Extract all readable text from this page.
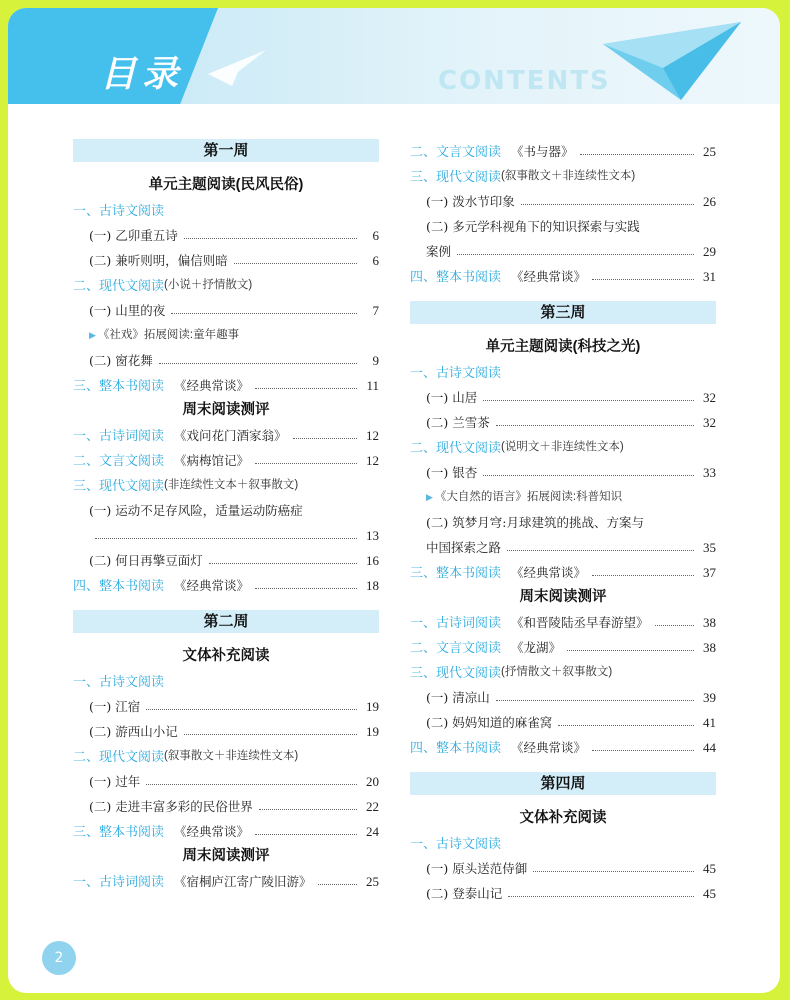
目录	CONTENTS
第一周
单元主题阅读(民风民俗)
一、古诗文阅读
(一) 乙卯重五诗	6
(二) 兼听则明，偏信则暗	6
二、现代文阅读 (小说＋抒情散文)
(一) 山里的夜	7
▶ 《社戏》拓展阅读:童年趣事
(二) 窗花舞	9
三、整本书阅读 《经典常谈》	11
周末阅读测评
一、古诗词阅读 《戏问花门酒家翁》	12
二、文言文阅读 《病梅馆记》	12
三、现代文阅读 (非连续性文本＋叙事散文)
(一) 运动不足存风险，适量运动防癌症
13
(二) 何日再擎豆面灯	16
四、整本书阅读 《经典常谈》	18
第二周
文体补充阅读
一、古诗文阅读
(一) 江宿	19
(二) 游西山小记	19
二、现代文阅读 (叙事散文＋非连续性文本)
(一) 过年	20
(二) 走进丰富多彩的民俗世界	22
三、整本书阅读 《经典常谈》	24
周末阅读测评
一、古诗词阅读 《宿桐庐江寄广陵旧游》	25
二、文言文阅读 《书与器》	25
三、现代文阅读 (叙事散文＋非连续性文本)
(一) 泼水节印象	26
(二) 多元学科视角下的知识探索与实践
案例	29
四、整本书阅读 《经典常谈》	31
第三周
单元主题阅读(科技之光)
一、古诗文阅读
(一) 山居	32
(二) 兰雪茶	32
二、现代文阅读 (说明文＋非连续性文本)
(一) 银杏	33
▶ 《大自然的语言》拓展阅读:科普知识
(二) 筑梦月穹:月球建筑的挑战、方案与
中国探索之路	35
三、整本书阅读 《经典常谈》	37
周末阅读测评
一、古诗词阅读 《和晋陵陆丞早春游望》	38
二、文言文阅读 《龙湖》	38
三、现代文阅读 (抒情散文＋叙事散文)
(一) 清凉山	39
(二) 妈妈知道的麻雀窝	41
四、整本书阅读 《经典常谈》	44
第四周
文体补充阅读
一、古诗文阅读
(一) 原头送范侍御	45
(二) 登泰山记	45
2
